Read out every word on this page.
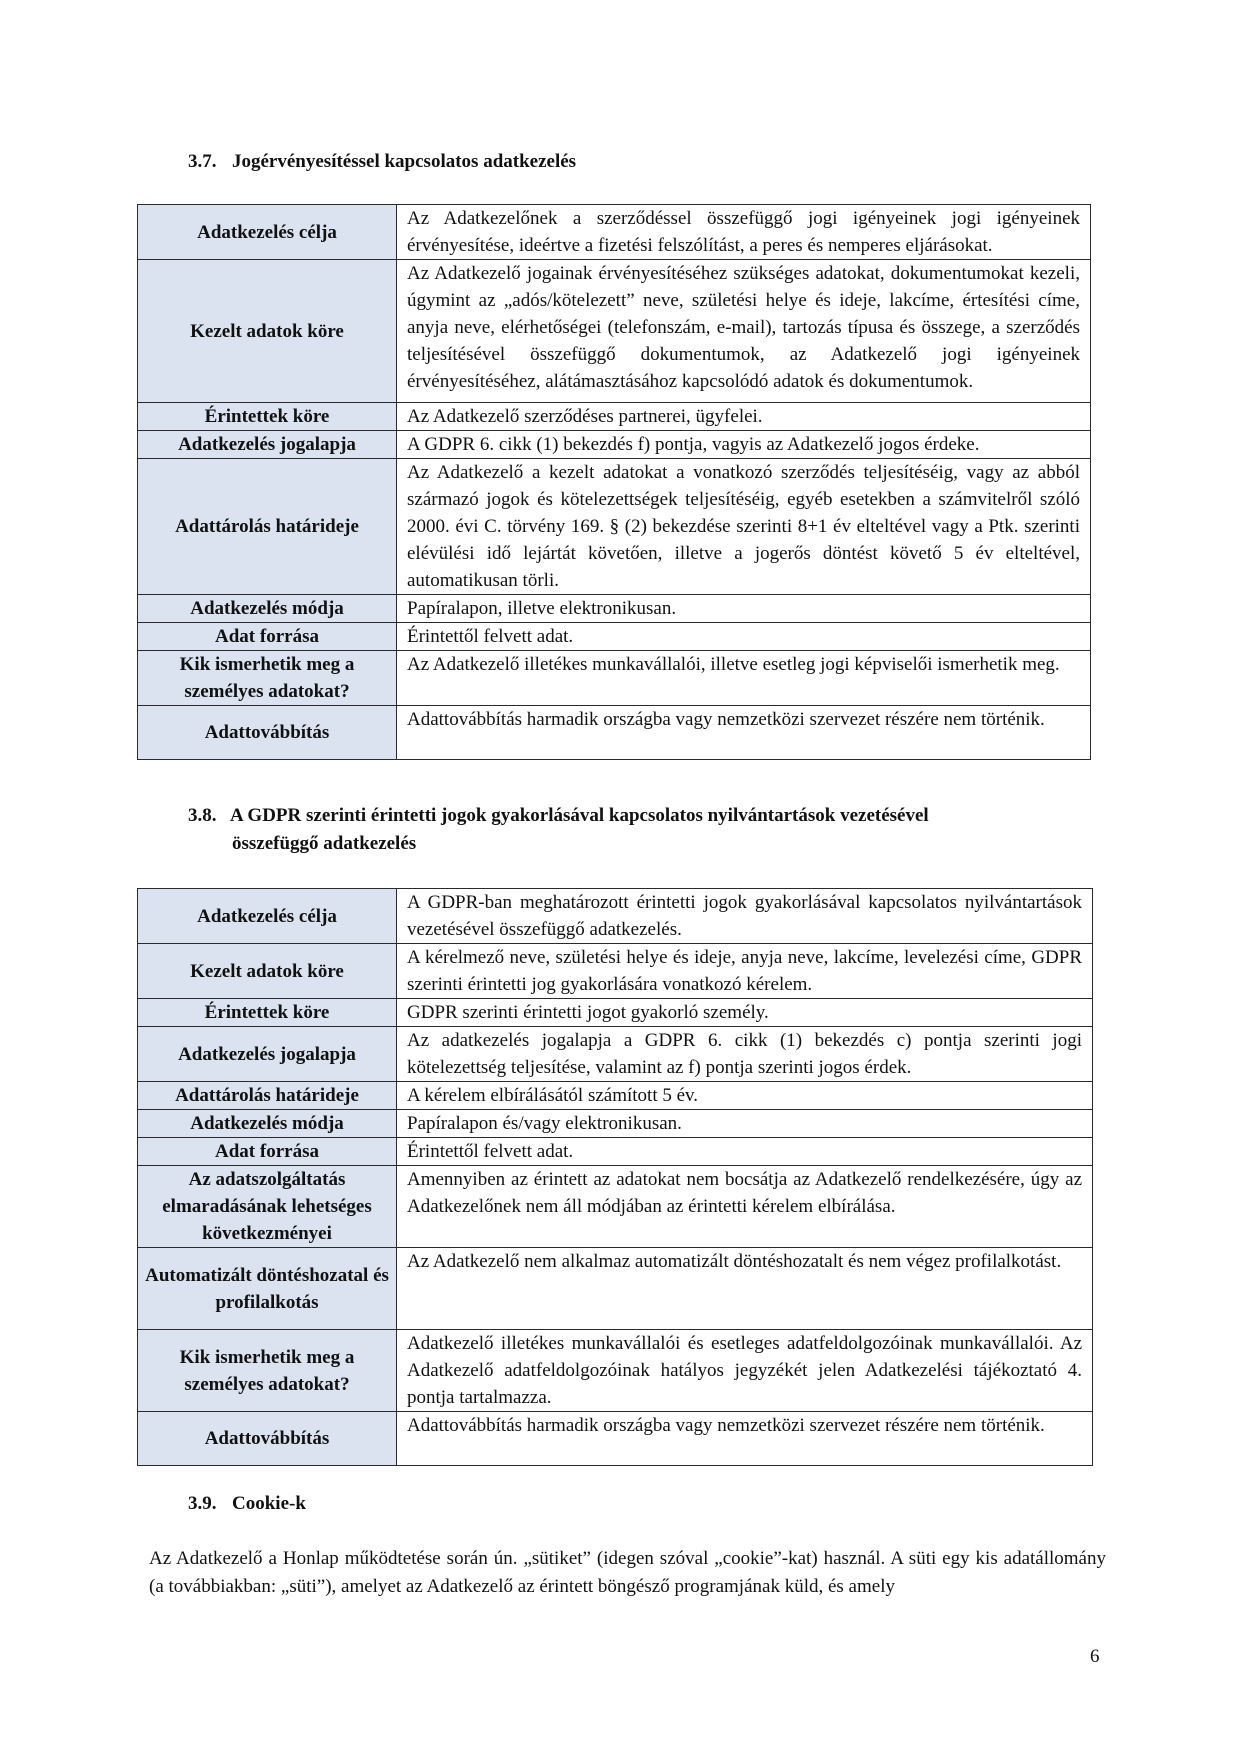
3.7. Jogérvényesítéssel kapcsolatos adatkezelés
Adatkezelés célja	Az Adatkezelőnek a szerződéssel összefüggő jogi igényeinek jogi igényeinek érvényesítése, ideértve a fizetési felszólítást, a peres és nemperes eljárásokat.
Kezelt adatok köre	Az Adatkezelő jogainak érvényesítéséhez szükséges adatokat, dokumentumokat kezeli, úgymint az „adós/kötelezett” neve, születési helye és ideje, lakcíme, értesítési címe, anyja neve, elérhetőségei (telefonszám, e-mail), tartozás típusa és összege, a szerződés teljesítésével összefüggő dokumentumok, az Adatkezelő jogi igényeinek érvényesítéséhez, alátámasztásához kapcsolódó adatok és dokumentumok.
Érintettek köre	Az Adatkezelő szerződéses partnerei, ügyfelei.
Adatkezelés jogalapja	A GDPR 6. cikk (1) bekezdés f) pontja, vagyis az Adatkezelő jogos érdeke.
Adattárolás határideje	Az Adatkezelő a kezelt adatokat a vonatkozó szerződés teljesítéséig, vagy az abból származó jogok és kötelezettségek teljesítéséig, egyéb esetekben a számvitelről szóló 2000. évi C. törvény 169. § (2) bekezdése szerinti 8+1 év elteltével vagy a Ptk. szerinti elévülési idő lejártát követően, illetve a jogerős döntést követő 5 év elteltével, automatikusan törli.
Adatkezelés módja	Papíralapon, illetve elektronikusan.
Adat forrása	Érintettől felvett adat.
Kik ismerhetik meg a személyes adatokat?	Az Adatkezelő illetékes munkavállalói, illetve esetleg jogi képviselői ismerhetik meg.
Adattovábbítás	Adattovábbítás harmadik országba vagy nemzetközi szervezet részére nem történik.
3.8. A GDPR szerinti érintetti jogok gyakorlásával kapcsolatos nyilvántartások vezetésével
összefüggő adatkezelés
Adatkezelés célja	A GDPR-ban meghatározott érintetti jogok gyakorlásával kapcsolatos nyilvántartások vezetésével összefüggő adatkezelés.
Kezelt adatok köre	A kérelmező neve, születési helye és ideje, anyja neve, lakcíme, levelezési címe, GDPR szerinti érintetti jog gyakorlására vonatkozó kérelem.
Érintettek köre	GDPR szerinti érintetti jogot gyakorló személy.
Adatkezelés jogalapja	Az adatkezelés jogalapja a GDPR 6. cikk (1) bekezdés c) pontja szerinti jogi kötelezettség teljesítése, valamint az f) pontja szerinti jogos érdek.
Adattárolás határideje	A kérelem elbírálásától számított 5 év.
Adatkezelés módja	Papíralapon és/vagy elektronikusan.
Adat forrása	Érintettől felvett adat.
Az adatszolgáltatás elmaradásának lehetséges következményei	Amennyiben az érintett az adatokat nem bocsátja az Adatkezelő rendelkezésére, úgy az Adatkezelőnek nem áll módjában az érintetti kérelem elbírálása.
Automatizált döntéshozatal és profilalkotás	Az Adatkezelő nem alkalmaz automatizált döntéshozatalt és nem végez profilalkotást.
Kik ismerhetik meg a személyes adatokat?	Adatkezelő illetékes munkavállalói és esetleges adatfeldolgozóinak munkavállalói. Az Adatkezelő adatfeldolgozóinak hatályos jegyzékét jelen Adatkezelési tájékoztató 4. pontja tartalmazza.
Adattovábbítás	Adattovábbítás harmadik országba vagy nemzetközi szervezet részére nem történik.
3.9. Cookie-k
Az Adatkezelő a Honlap működtetése során ún. „sütiket” (idegen szóval „cookie”-kat) használ. A süti egy kis adatállomány (a továbbiakban: „süti”), amelyet az Adatkezelő az érintett böngésző programjának küld, és amely
6
